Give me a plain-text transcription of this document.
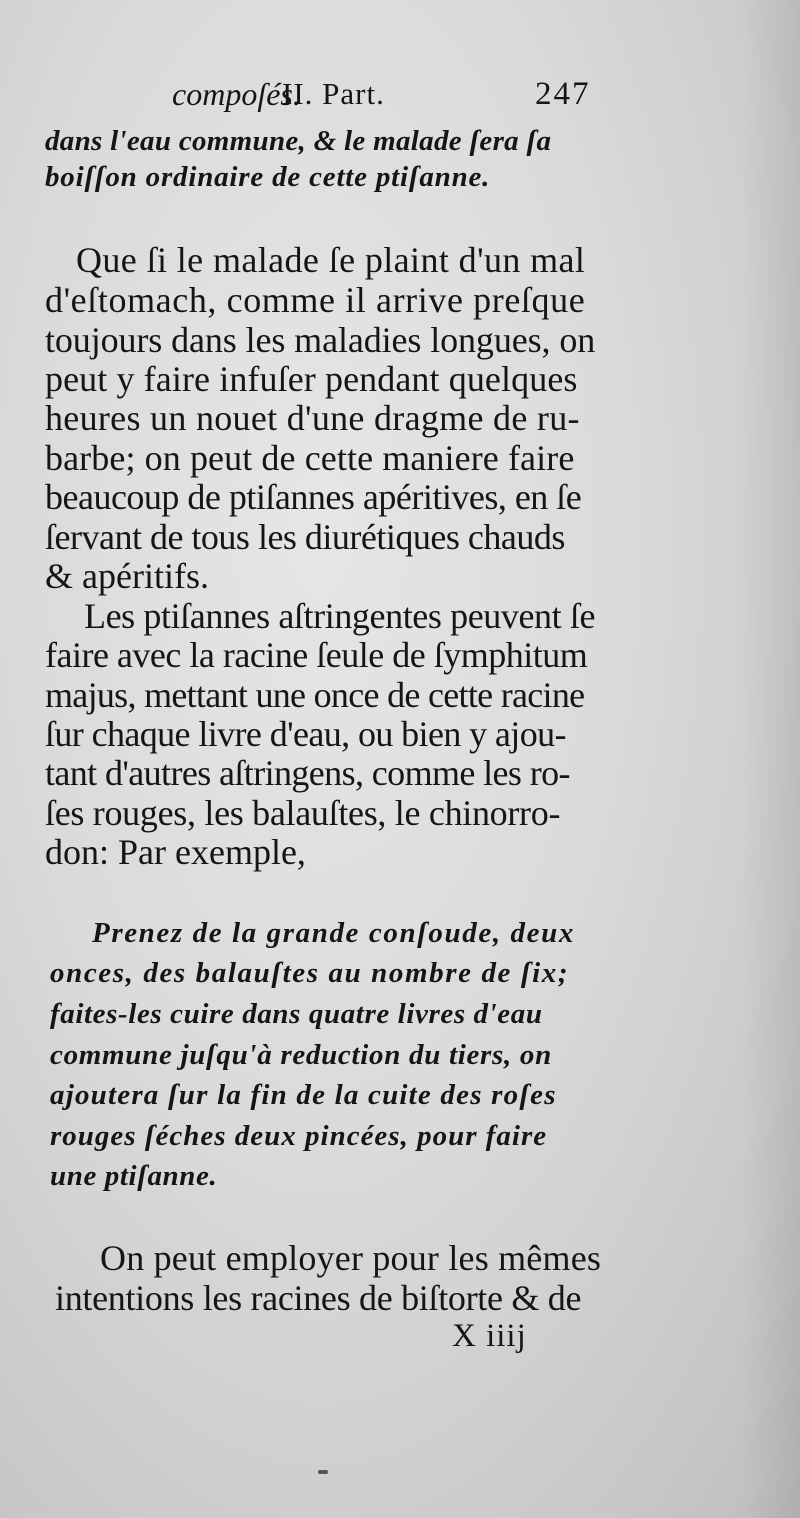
compoſés.
II. Part.	247
dans l'eau commune, & le malade ſera ſa
boiſſon ordinaire de cette ptiſanne.
Que ſi le malade ſe plaint d'un mal
d'eſtomach, comme il arrive preſque
toujours dans les maladies longues, on
peut y faire infuſer pendant quelques
heures un nouet d'une dragme de ru-
barbe; on peut de cette maniere faire
beaucoup de ptiſannes apéritives, en ſe
ſervant de tous les diurétiques chauds
& apéritifs.
Les ptiſannes aſtringentes peuvent ſe
faire avec la racine ſeule de ſymphitum
majus, mettant une once de cette racine
ſur chaque livre d'eau, ou bien y ajou-
tant d'autres aſtringens, comme les ro-
ſes rouges, les balauſtes, le chinorro-
don: Par exemple,
Prenez de la grande conſoude, deux
onces, des balauſtes au nombre de ſix;
faites-les cuire dans quatre livres d'eau
commune juſqu'à reduction du tiers, on
ajoutera ſur la fin de la cuite des roſes
rouges ſéches deux pincées, pour faire
une ptiſanne.
On peut employer pour les mêmes
intentions les racines de biſtorte & de
X iiij
